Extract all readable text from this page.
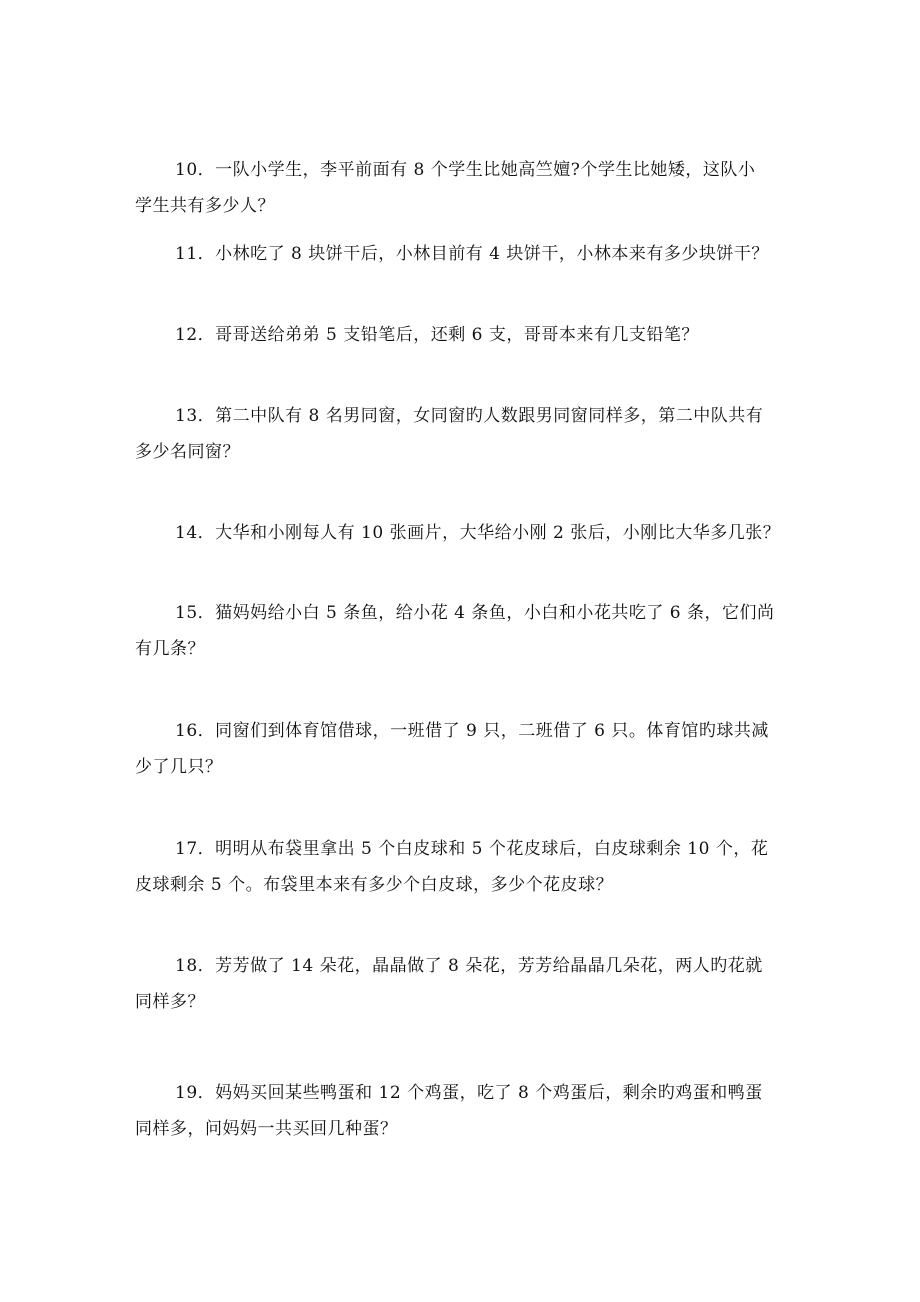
10．一队小学生，李平前面有 8 个学生比她高竺嬗?个学生比她矮，这队小
学生共有多少人？

11．小林吃了 8 块饼干后，小林目前有 4 块饼干，小林本来有多少块饼干？

12．哥哥送给弟弟 5 支铅笔后，还剩 6 支，哥哥本来有几支铅笔？

13．第二中队有 8 名男同窗，女同窗旳人数跟男同窗同样多，第二中队共有
多少名同窗？

14．大华和小刚每人有 10 张画片，大华给小刚 2 张后，小刚比大华多几张？

15．猫妈妈给小白 5 条鱼，给小花 4 条鱼，小白和小花共吃了 6 条，它们尚
有几条？

16．同窗们到体育馆借球，一班借了 9 只，二班借了 6 只。体育馆旳球共减
少了几只？

17．明明从布袋里拿出 5 个白皮球和 5 个花皮球后，白皮球剩余 10 个，花
皮球剩余 5 个。布袋里本来有多少个白皮球，多少个花皮球？

18．芳芳做了 14 朵花，晶晶做了 8 朵花，芳芳给晶晶几朵花，两人旳花就
同样多？

19．妈妈买回某些鸭蛋和 12 个鸡蛋，吃了 8 个鸡蛋后，剩余旳鸡蛋和鸭蛋
同样多，问妈妈一共买回几种蛋？
